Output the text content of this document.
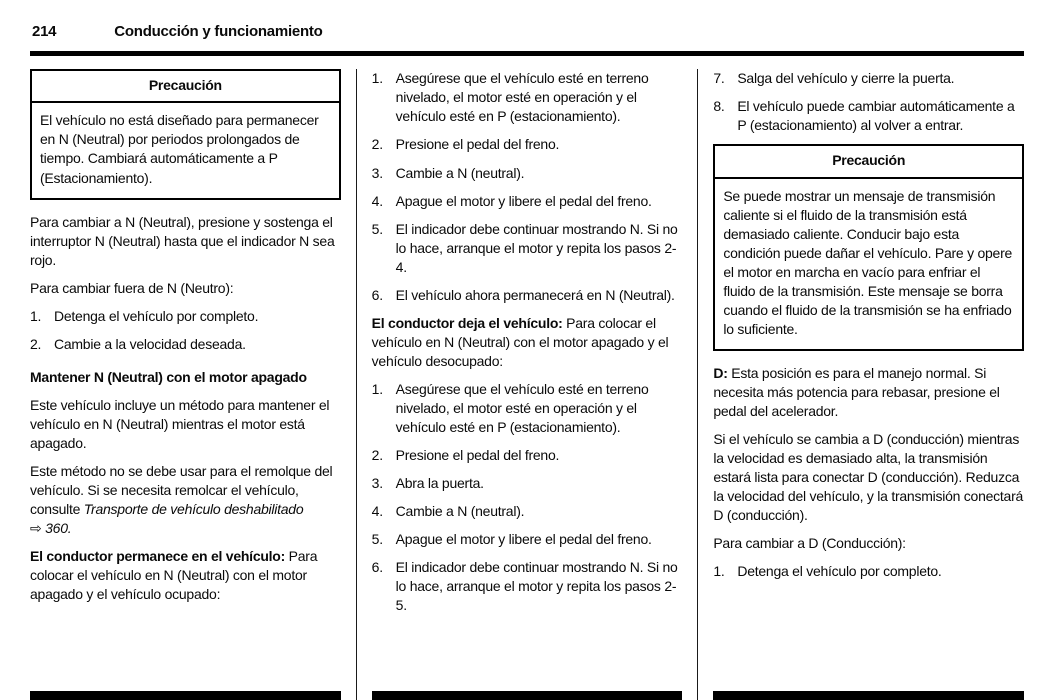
214	Conducción y funcionamiento
Precaución
El vehículo no está diseñado para permanecer en N (Neutral) por periodos prolongados de tiempo. Cambiará automáticamente a P (Estacionamiento).

Para cambiar a N (Neutral), presione y sostenga el interruptor N (Neutral) hasta que el indicador N sea rojo.

Para cambiar fuera de N (Neutro):

1. Detenga el vehículo por completo.
2. Cambie a la velocidad deseada.
Mantener N (Neutral) con el motor apagado

Este vehículo incluye un método para mantener el vehículo en N (Neutral) mientras el motor está apagado.

Este método no se debe usar para el remolque del vehículo. Si se necesita remolcar el vehículo, consulte Transporte de vehículo deshabilitado ⇨ 360.

El conductor permanece en el vehículo: Para colocar el vehículo en N (Neutral) con el motor apagado y el vehículo ocupado:

1. Asegúrese que el vehículo esté en terreno nivelado, el motor esté en operación y el vehículo esté en P (estacionamiento).
2. Presione el pedal del freno.
3. Cambie a N (neutral).
4. Apague el motor y libere el pedal del freno.
5. El indicador debe continuar mostrando N. Si no lo hace, arranque el motor y repita los pasos 2-4.
6. El vehículo ahora permanecerá en N (Neutral).

El conductor deja el vehículo: Para colocar el vehículo en N (Neutral) con el motor apagado y el vehículo desocupado:

1. Asegúrese que el vehículo esté en terreno nivelado, el motor esté en operación y el vehículo esté en P (estacionamiento).
2. Presione el pedal del freno.
3. Abra la puerta.
4. Cambie a N (neutral).
5. Apague el motor y libere el pedal del freno.
6. El indicador debe continuar mostrando N. Si no lo hace, arranque el motor y repita los pasos 2-5.
7. Salga del vehículo y cierre la puerta.
8. El vehículo puede cambiar automáticamente a P (estacionamiento) al volver a entrar.
Precaución
Se puede mostrar un mensaje de transmisión caliente si el fluido de la transmisión está demasiado caliente. Conducir bajo esta condición puede dañar el vehículo. Pare y opere el motor en marcha en vacío para enfriar el fluido de la transmisión. Este mensaje se borra cuando el fluido de la transmisión se ha enfriado lo suficiente.

D: Esta posición es para el manejo normal. Si necesita más potencia para rebasar, presione el pedal del acelerador.

Si el vehículo se cambia a D (conducción) mientras la velocidad es demasiado alta, la transmisión estará lista para conectar D (conducción). Reduzca la velocidad del vehículo, y la transmisión conectará D (conducción).

Para cambiar a D (Conducción):

1. Detenga el vehículo por completo.
